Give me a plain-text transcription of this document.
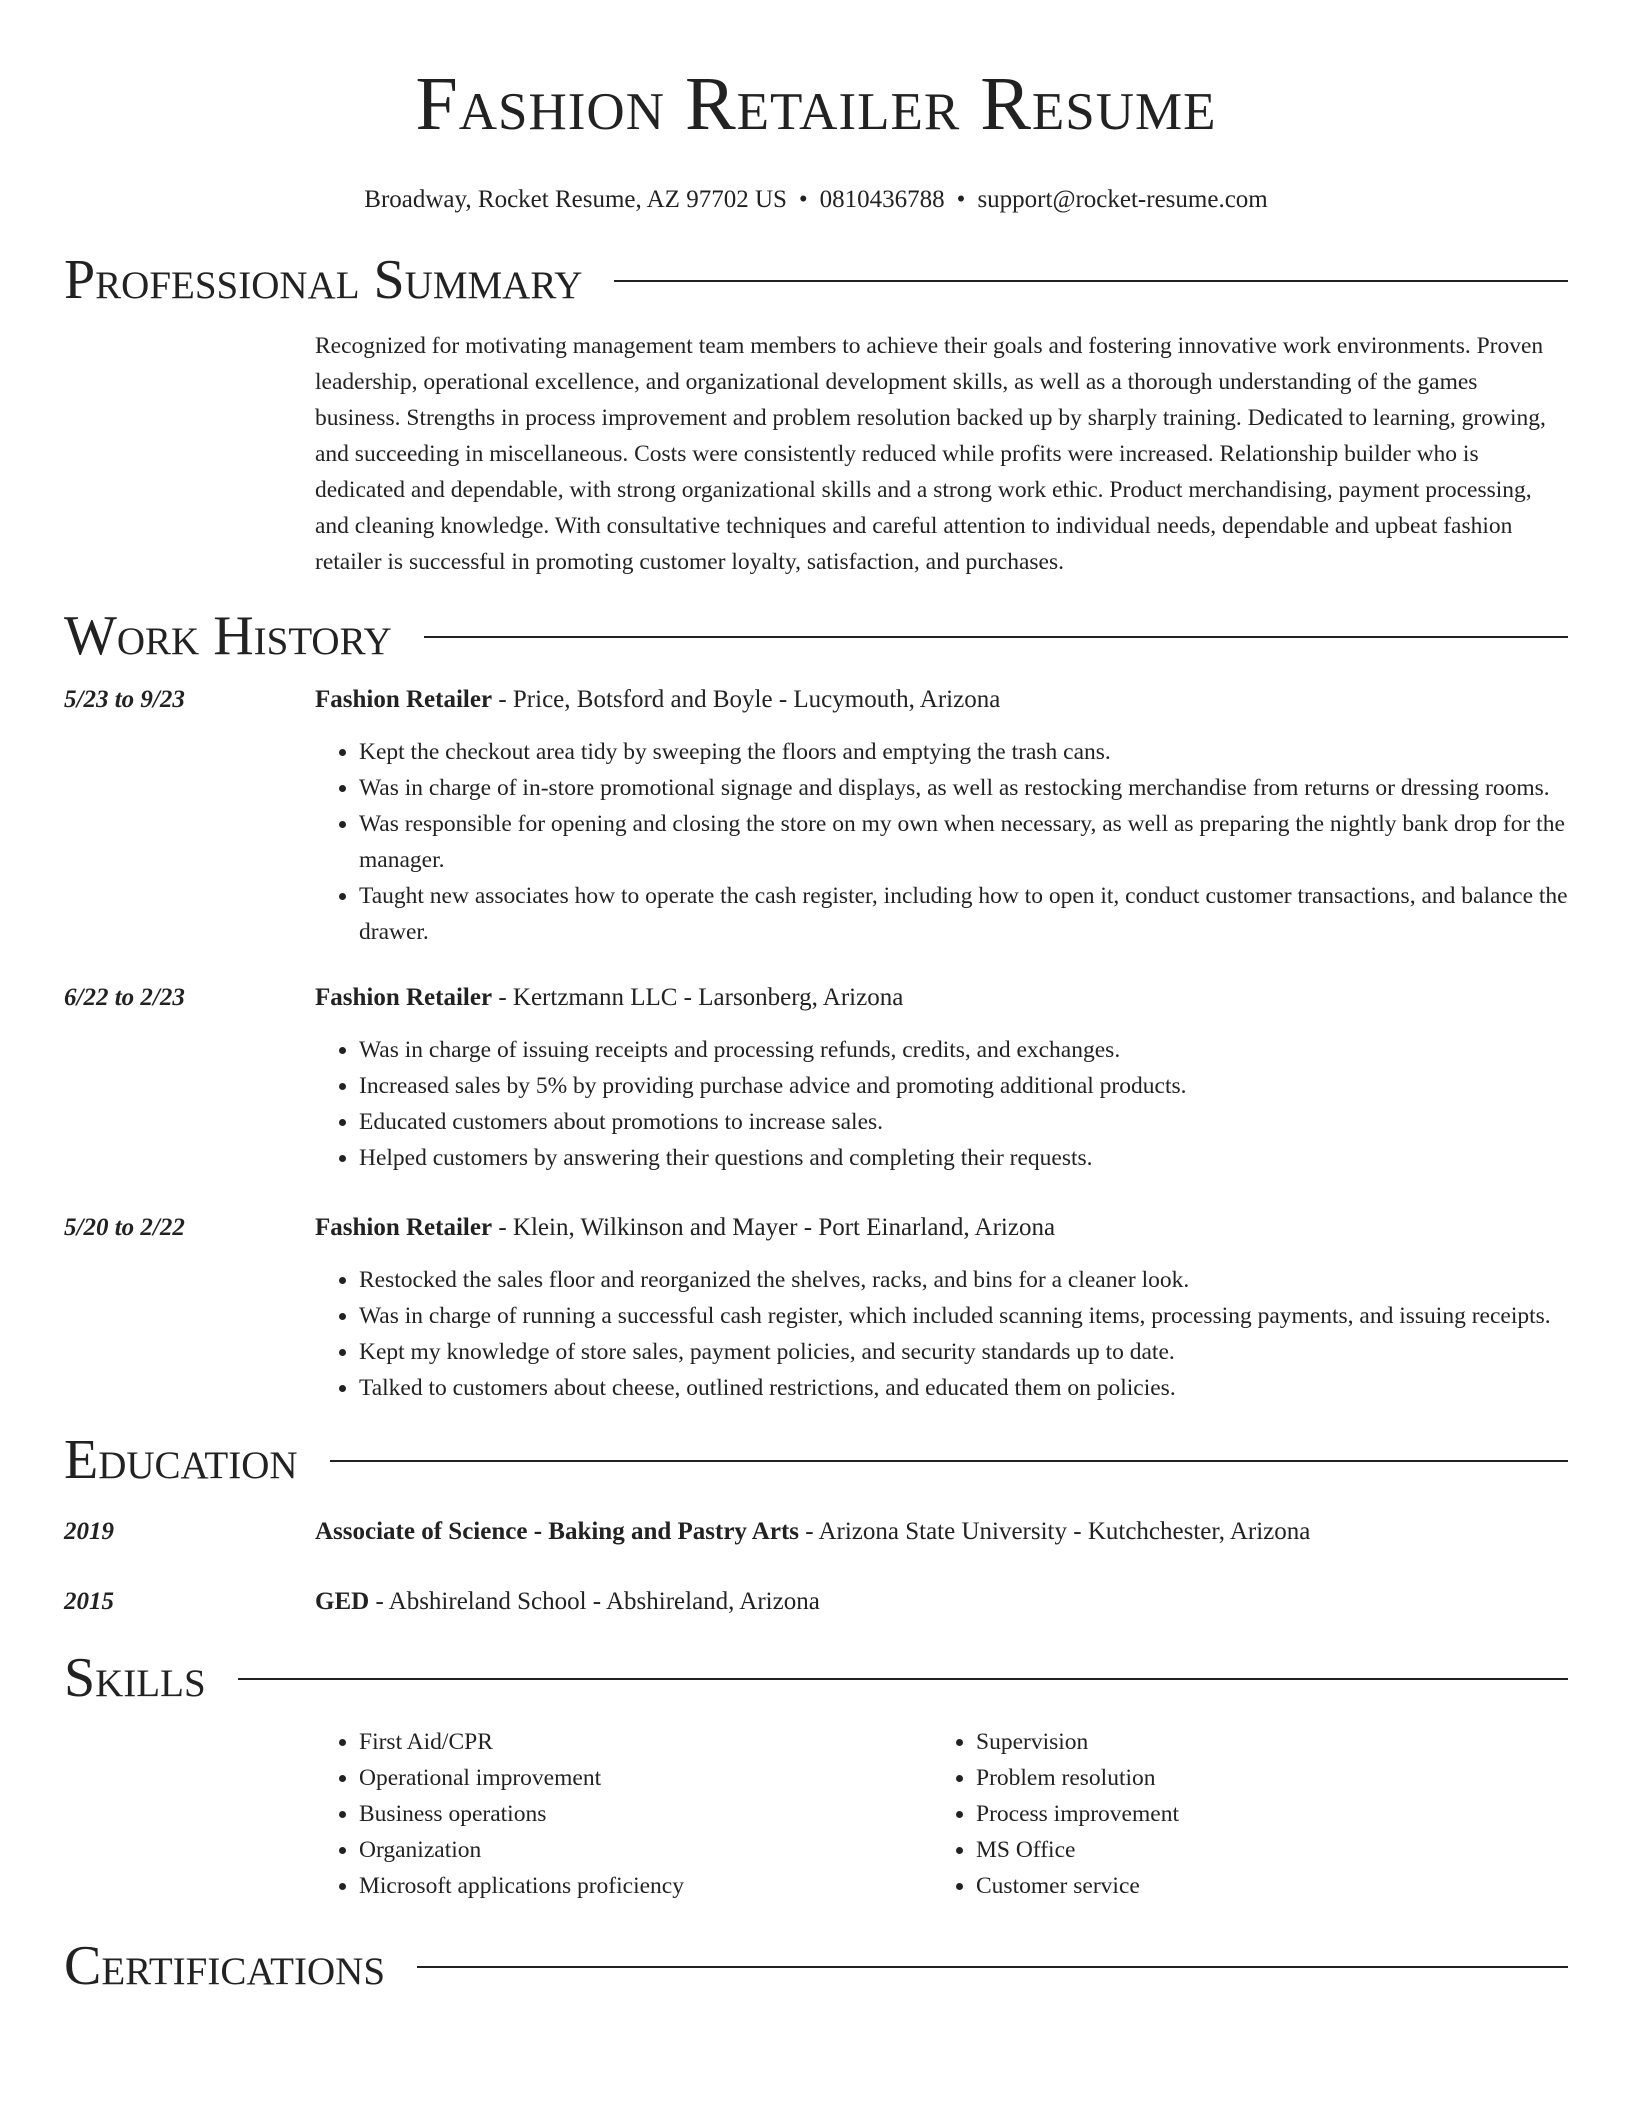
Fashion Retailer Resume
Broadway, Rocket Resume, AZ 97702 US • 0810436788 • support@rocket-resume.com
Professional Summary
Recognized for motivating management team members to achieve their goals and fostering innovative work environments. Proven leadership, operational excellence, and organizational development skills, as well as a thorough understanding of the games business. Strengths in process improvement and problem resolution backed up by sharply training. Dedicated to learning, growing, and succeeding in miscellaneous. Costs were consistently reduced while profits were increased. Relationship builder who is dedicated and dependable, with strong organizational skills and a strong work ethic. Product merchandising, payment processing, and cleaning knowledge. With consultative techniques and careful attention to individual needs, dependable and upbeat fashion retailer is successful in promoting customer loyalty, satisfaction, and purchases.
Work History
5/23 to 9/23	Fashion Retailer - Price, Botsford and Boyle - Lucymouth, Arizona
• Kept the checkout area tidy by sweeping the floors and emptying the trash cans.
• Was in charge of in-store promotional signage and displays, as well as restocking merchandise from returns or dressing rooms.
• Was responsible for opening and closing the store on my own when necessary, as well as preparing the nightly bank drop for the manager.
• Taught new associates how to operate the cash register, including how to open it, conduct customer transactions, and balance the drawer.
6/22 to 2/23	Fashion Retailer - Kertzmann LLC - Larsonberg, Arizona
• Was in charge of issuing receipts and processing refunds, credits, and exchanges.
• Increased sales by 5% by providing purchase advice and promoting additional products.
• Educated customers about promotions to increase sales.
• Helped customers by answering their questions and completing their requests.
5/20 to 2/22	Fashion Retailer - Klein, Wilkinson and Mayer - Port Einarland, Arizona
• Restocked the sales floor and reorganized the shelves, racks, and bins for a cleaner look.
• Was in charge of running a successful cash register, which included scanning items, processing payments, and issuing receipts.
• Kept my knowledge of store sales, payment policies, and security standards up to date.
• Talked to customers about cheese, outlined restrictions, and educated them on policies.
Education
2019	Associate of Science - Baking and Pastry Arts - Arizona State University - Kutchchester, Arizona
2015	GED - Abshireland School - Abshireland, Arizona
Skills
• First Aid/CPR
• Operational improvement
• Business operations
• Organization
• Microsoft applications proficiency
• Supervision
• Problem resolution
• Process improvement
• MS Office
• Customer service
Certifications
